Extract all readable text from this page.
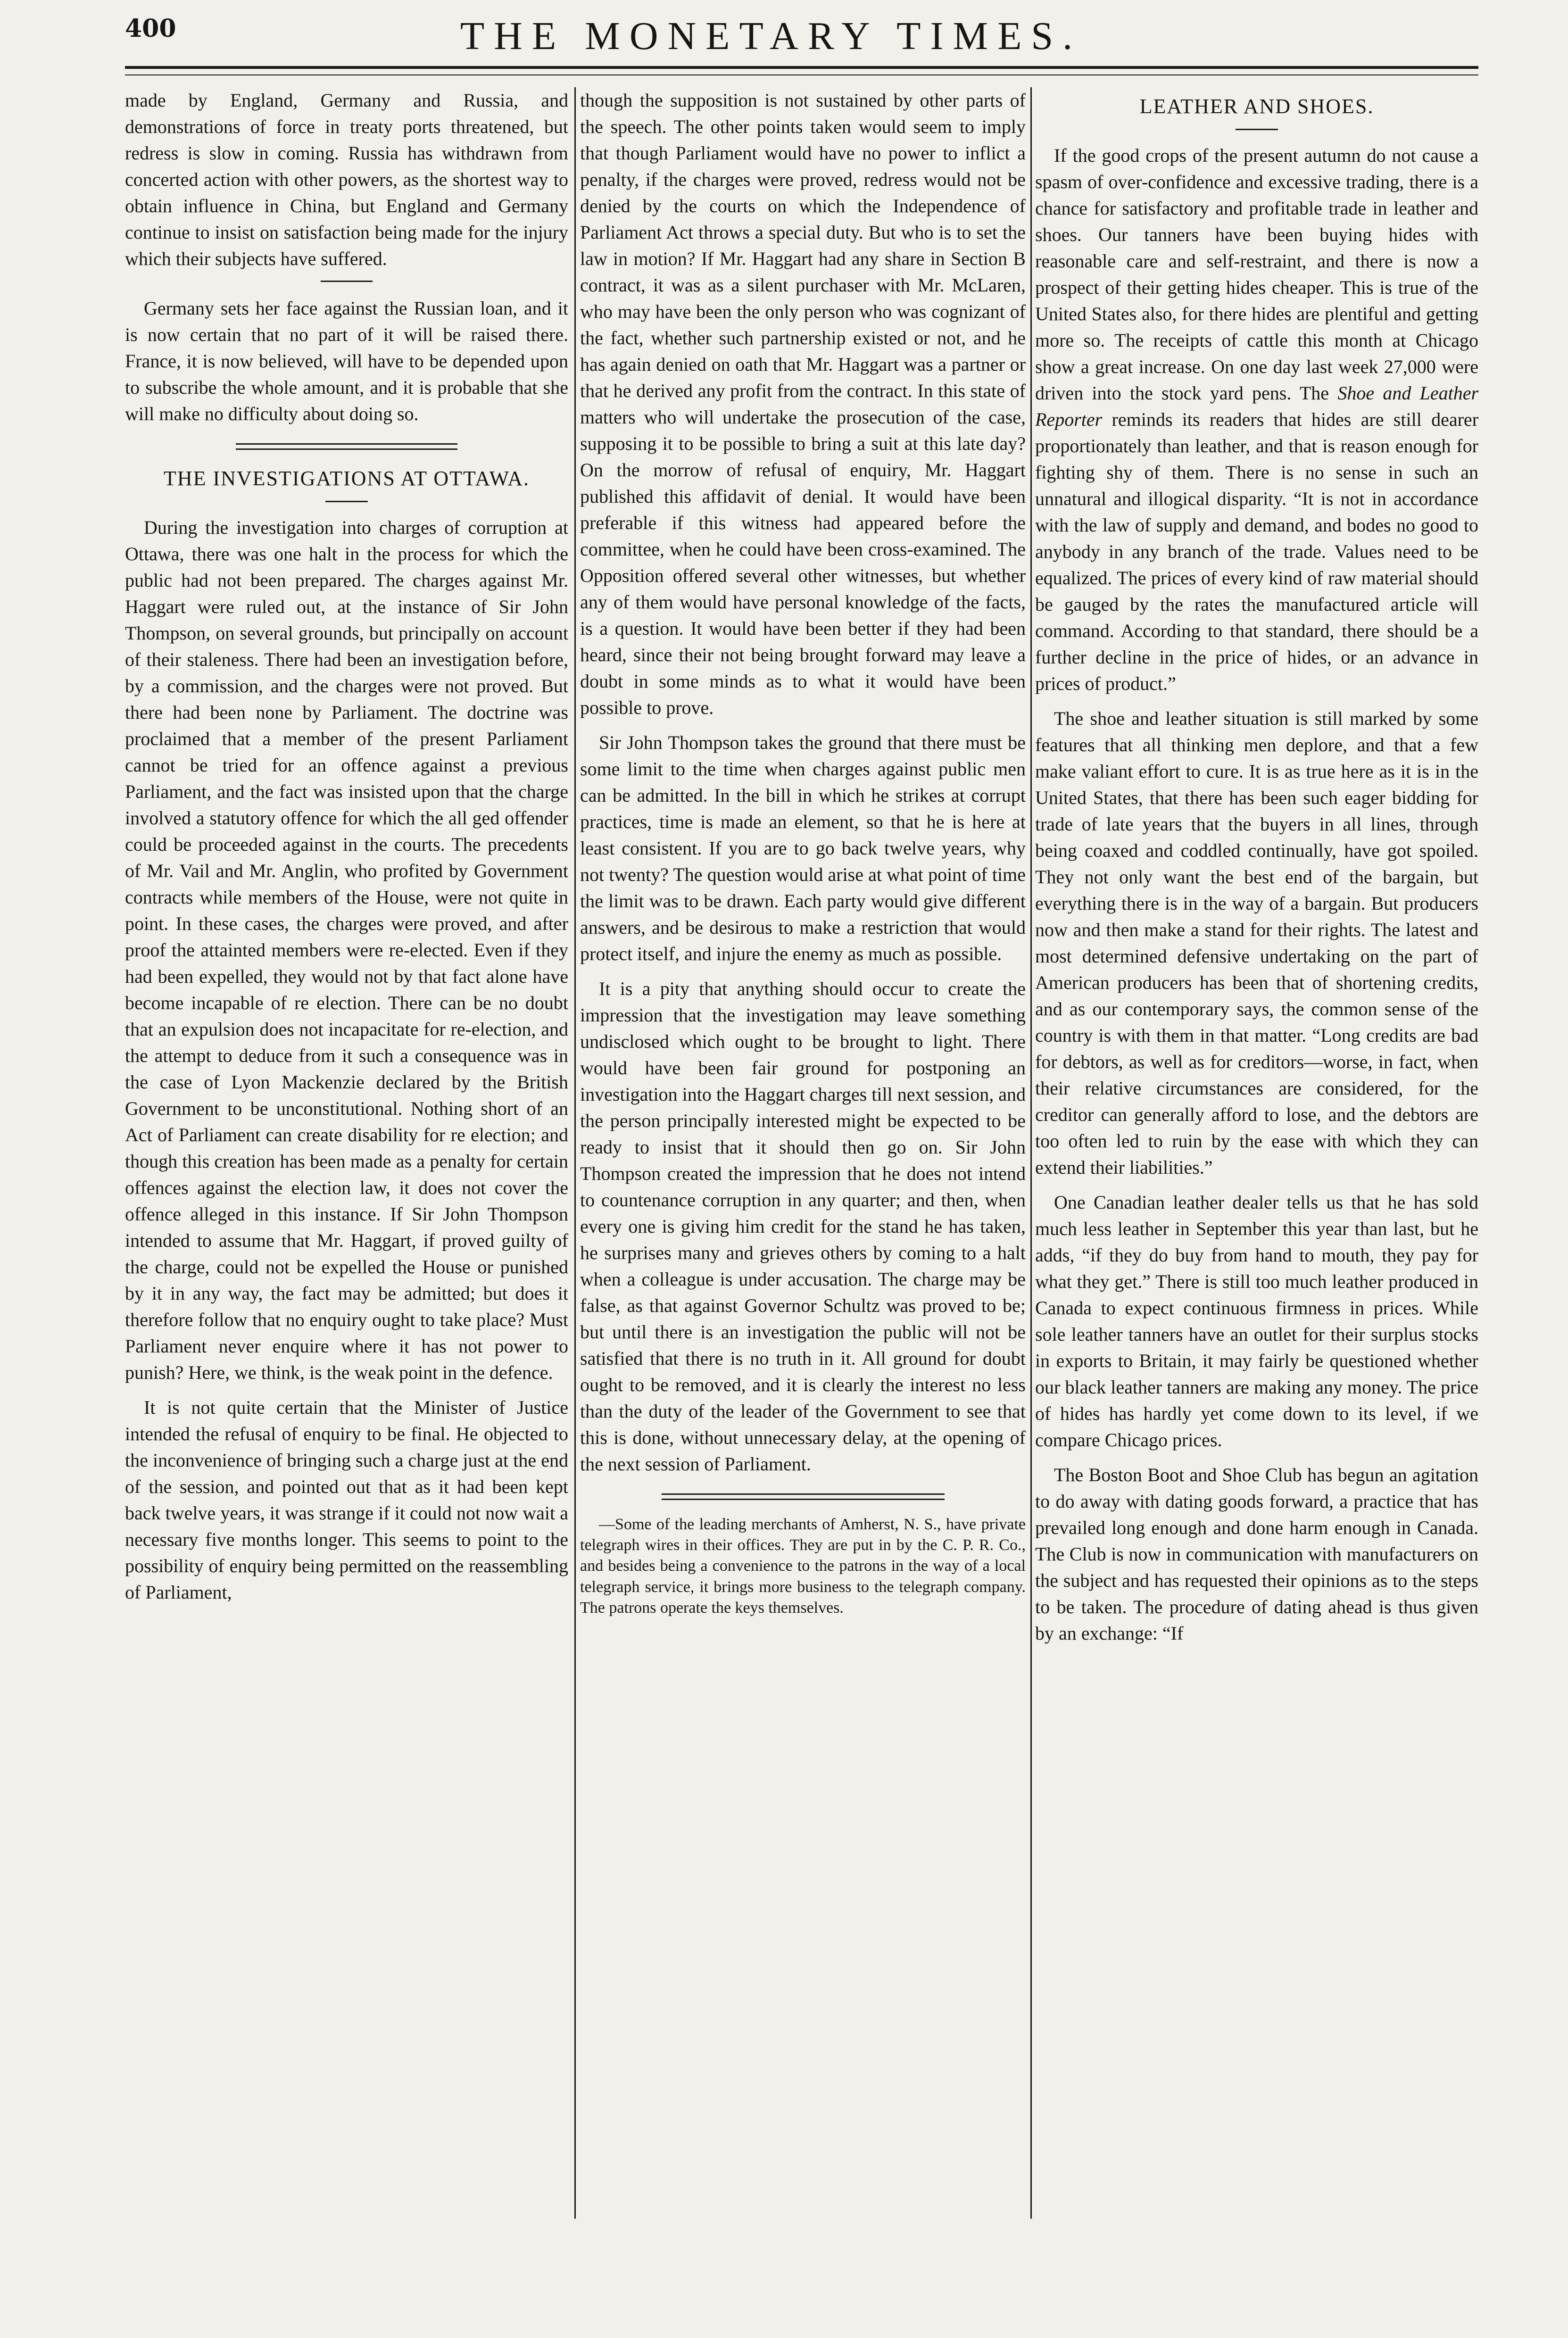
400	THE MONETARY TIMES.

made by England, Germany and Russia, and demonstrations of force in treaty ports threatened, but redress is slow in coming. Russia has withdrawn from concerted action with other powers, as the shortest way to obtain influence in China, but England and Germany continue to insist on satisfaction being made for the injury which their subjects have suffered.

Germany sets her face against the Russian loan, and it is now certain that no part of it will be raised there. France, it is now believed, will have to be depended upon to subscribe the whole amount, and it is probable that she will make no difficulty about doing so.

THE INVESTIGATIONS AT OTTAWA.

During the investigation into charges of corruption at Ottawa, there was one halt in the process for which the public had not been prepared. The charges against Mr. Haggart were ruled out, at the instance of Sir John Thompson, on several grounds, but principally on account of their staleness. There had been an investigation before, by a commission, and the charges were not proved. But there had been none by Parliament. The doctrine was proclaimed that a member of the present Parliament cannot be tried for an offence against a previous Parliament, and the fact was insisted upon that the charge involved a statutory offence for which the all ged offender could be proceeded against in the courts. The precedents of Mr. Vail and Mr. Anglin, who profited by Government contracts while members of the House, were not quite in point. In these cases, the charges were proved, and after proof the attainted members were re-elected. Even if they had been expelled, they would not by that fact alone have become incapable of re election. There can be no doubt that an expulsion does not incapacitate for re-election, and the attempt to deduce from it such a consequence was in the case of Lyon Mackenzie declared by the British Government to be unconstitutional. Nothing short of an Act of Parliament can create disability for re election; and though this creation has been made as a penalty for certain offences against the election law, it does not cover the offence alleged in this instance. If Sir John Thompson intended to assume that Mr. Haggart, if proved guilty of the charge, could not be expelled the House or punished by it in any way, the fact may be admitted; but does it therefore follow that no enquiry ought to take place? Must Parliament never enquire where it has not power to punish? Here, we think, is the weak point in the defence.

It is not quite certain that the Minister of Justice intended the refusal of enquiry to be final. He objected to the inconvenience of bringing such a charge just at the end of the session, and pointed out that as it had been kept back twelve years, it was strange if it could not now wait a necessary five months longer. This seems to point to the possibility of enquiry being permitted on the reassembling of Parliament,

though the supposition is not sustained by other parts of the speech. The other points taken would seem to imply that though Parliament would have no power to inflict a penalty, if the charges were proved, redress would not be denied by the courts on which the Independence of Parliament Act throws a special duty. But who is to set the law in motion? If Mr. Haggart had any share in Section B contract, it was as a silent purchaser with Mr. McLaren, who may have been the only person who was cognizant of the fact, whether such partnership existed or not, and he has again denied on oath that Mr. Haggart was a partner or that he derived any profit from the contract. In this state of matters who will undertake the prosecution of the case, supposing it to be possible to bring a suit at this late day? On the morrow of refusal of enquiry, Mr. Haggart published this affidavit of denial. It would have been preferable if this witness had appeared before the committee, when he could have been cross-examined. The Opposition offered several other witnesses, but whether any of them would have personal knowledge of the facts, is a question. It would have been better if they had been heard, since their not being brought forward may leave a doubt in some minds as to what it would have been possible to prove.

Sir John Thompson takes the ground that there must be some limit to the time when charges against public men can be admitted. In the bill in which he strikes at corrupt practices, time is made an element, so that he is here at least consistent. If you are to go back twelve years, why not twenty? The question would arise at what point of time the limit was to be drawn. Each party would give different answers, and be desirous to make a restriction that would protect itself, and injure the enemy as much as possible.

It is a pity that anything should occur to create the impression that the investigation may leave something undisclosed which ought to be brought to light. There would have been fair ground for postponing an investigation into the Haggart charges till next session, and the person principally interested might be expected to be ready to insist that it should then go on. Sir John Thompson created the impression that he does not intend to countenance corruption in any quarter; and then, when every one is giving him credit for the stand he has taken, he surprises many and grieves others by coming to a halt when a colleague is under accusation. The charge may be false, as that against Governor Schultz was proved to be; but until there is an investigation the public will not be satisfied that there is no truth in it. All ground for doubt ought to be removed, and it is clearly the interest no less than the duty of the leader of the Government to see that this is done, without unnecessary delay, at the opening of the next session of Parliament.

—Some of the leading merchants of Amherst, N. S., have private telegraph wires in their offices. They are put in by the C. P. R. Co., and besides being a convenience to the patrons in the way of a local telegraph service, it brings more business to the telegraph company. The patrons operate the keys themselves.

LEATHER AND SHOES.

If the good crops of the present autumn do not cause a spasm of over-confidence and excessive trading, there is a chance for satisfactory and profitable trade in leather and shoes. Our tanners have been buying hides with reasonable care and self-restraint, and there is now a prospect of their getting hides cheaper. This is true of the United States also, for there hides are plentiful and getting more so. The receipts of cattle this month at Chicago show a great increase. On one day last week 27,000 were driven into the stock yard pens. The Shoe and Leather Reporter reminds its readers that hides are still dearer proportionately than leather, and that is reason enough for fighting shy of them. There is no sense in such an unnatural and illogical disparity. “It is not in accordance with the law of supply and demand, and bodes no good to anybody in any branch of the trade. Values need to be equalized. The prices of every kind of raw material should be gauged by the rates the manufactured article will command. According to that standard, there should be a further decline in the price of hides, or an advance in prices of product.”

The shoe and leather situation is still marked by some features that all thinking men deplore, and that a few make valiant effort to cure. It is as true here as it is in the United States, that there has been such eager bidding for trade of late years that the buyers in all lines, through being coaxed and coddled continually, have got spoiled. They not only want the best end of the bargain, but everything there is in the way of a bargain. But producers now and then make a stand for their rights. The latest and most determined defensive undertaking on the part of American producers has been that of shortening credits, and as our contemporary says, the common sense of the country is with them in that matter. “Long credits are bad for debtors, as well as for creditors—worse, in fact, when their relative circumstances are considered, for the creditor can generally afford to lose, and the debtors are too often led to ruin by the ease with which they can extend their liabilities.”

One Canadian leather dealer tells us that he has sold much less leather in September this year than last, but he adds, “if they do buy from hand to mouth, they pay for what they get.” There is still too much leather produced in Canada to expect continuous firmness in prices. While sole leather tanners have an outlet for their surplus stocks in exports to Britain, it may fairly be questioned whether our black leather tanners are making any money. The price of hides has hardly yet come down to its level, if we compare Chicago prices.

The Boston Boot and Shoe Club has begun an agitation to do away with dating goods forward, a practice that has prevailed long enough and done harm enough in Canada. The Club is now in communication with manufacturers on the subject and has requested their opinions as to the steps to be taken. The procedure of dating ahead is thus given by an exchange: “If
